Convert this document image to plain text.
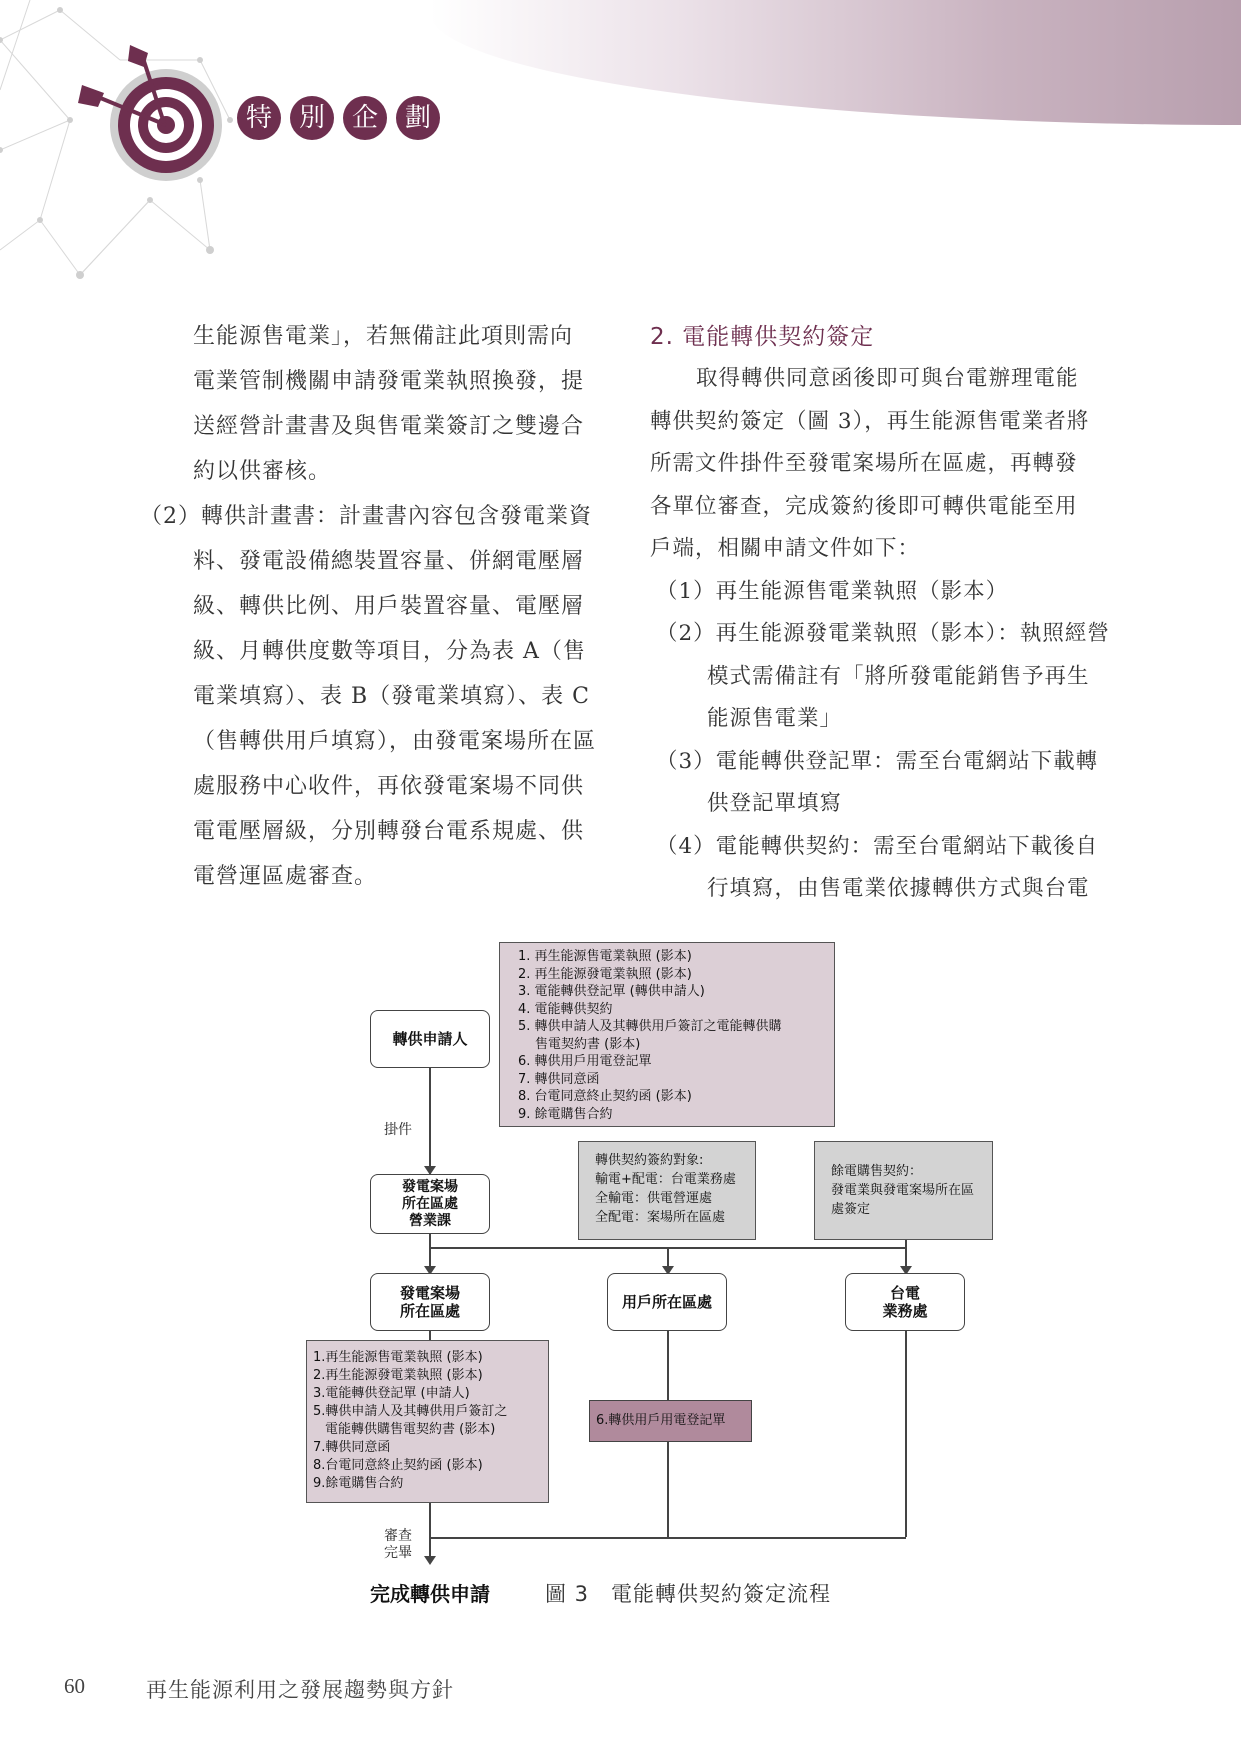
特	別	企	劃
生能源售電業」，若無備註此項則需向
電業管制機關申請發電業執照換發，提
送經營計畫書及與售電業簽訂之雙邊合
約以供審核。
（2）轉供計畫書：計畫書內容包含發電業資
料、發電設備總裝置容量、併網電壓層
級、轉供比例、用戶裝置容量、電壓層
級、月轉供度數等項目，分為表 A（售
電業填寫）、表 B（發電業填寫）、表 C
（售轉供用戶填寫），由發電案場所在區
處服務中心收件，再依發電案場不同供
電電壓層級，分別轉發台電系規處、供
電營運區處審查。
2. 電能轉供契約簽定
取得轉供同意函後即可與台電辦理電能
轉供契約簽定（圖 3），再生能源售電業者將
所需文件掛件至發電案場所在區處，再轉發
各單位審查，完成簽約後即可轉供電能至用
戶端，相關申請文件如下：
（1）再生能源售電業執照（影本）
（2）再生能源發電業執照（影本）：執照經營
模式需備註有「將所發電能銷售予再生
能源售電業」
（3）電能轉供登記單：需至台電網站下載轉
供登記單填寫
（4）電能轉供契約：需至台電網站下載後自
行填寫，由售電業依據轉供方式與台電
轉供申請人
掛件
發電案場
所在區處
營業課
發電案場
所在區處	用戶所在區處	台電
業務處
1. 再生能源售電業執照 (影本)
2. 再生能源發電業執照 (影本)
3. 電能轉供登記單 (轉供申請人)
4. 電能轉供契約
5. 轉供申請人及其轉供用戶簽訂之電能轉供購
售電契約書 (影本)
6. 轉供用戶用電登記單
7. 轉供同意函
8. 台電同意終止契約函 (影本)
9. 餘電購售合約
轉供契約簽約對象:
輸電+配電：台電業務處
全輸電：供電營運處
全配電：案場所在區處
餘電購售契約：
發電業與發電案場所在區
處簽定
1.再生能源售電業執照 (影本)
2.再生能源發電業執照 (影本)
3.電能轉供登記單 (申請人)
5.轉供申請人及其轉供用戶簽訂之
電能轉供購售電契約書 (影本)
7.轉供同意函
8.台電同意終止契約函 (影本)
9.餘電購售合約
6.轉供用戶用電登記單
審查
完畢
完成轉供申請	圖 3　電能轉供契約簽定流程
60	再生能源利用之發展趨勢與方針
